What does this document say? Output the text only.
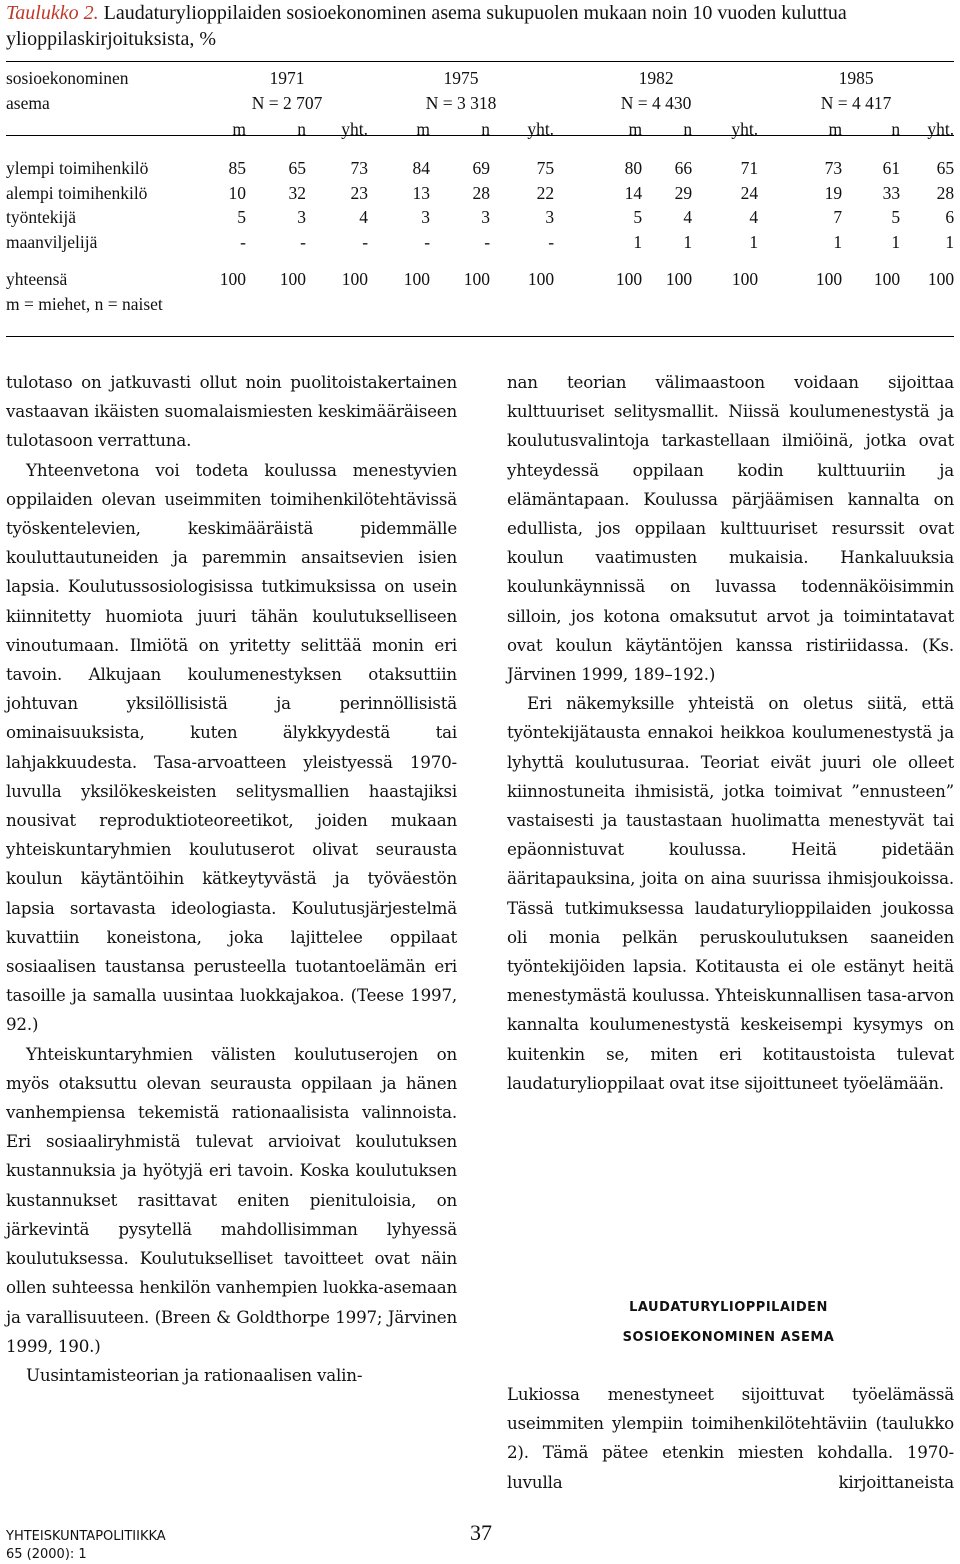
Taulukko 2. Laudaturylioppilaiden sosioekonominen asema sukupuolen mukaan noin 10 vuoden kuluttua ylioppilaskirjoituksista, %
sosioekonominen	1971			1975			1982			1985		
asema	N = 2 707			N = 3 318			N = 4 430			N = 4 417		
	m	n	yht.	m	n	yht.	m	n	yht.	m	n	yht.

ylempi toimihenkilö	85	65	73	84	69	75	80	66	71	73	61	65
alempi toimihenkilö	10	32	23	13	28	22	14	29	24	19	33	28
työntekijä	5	3	4	3	3	3	5	4	4	7	5	6
maanviljelijä	-	-	-	-	-	-	1	1	1	1	1	1

yhteensä	100	100	100	100	100	100	100	100	100	100	100	100
m = miehet, n = naiset												

tulotaso on jatkuvasti ollut noin puolitoistakertainen vastaavan ikäisten suomalaismiesten keskimääräiseen tulotasoon verrattuna.

Yhteenvetona voi todeta koulussa menestyvien oppilaiden olevan useimmiten toimihenkilötehtävissä työskentelevien, keskimääräistä pidemmälle kouluttautuneiden ja paremmin ansaitsevien isien lapsia. Koulutussosiologisissa tutkimuksissa on usein kiinnitetty huomiota juuri tähän koulutukselliseen vinoutumaan. Ilmiötä on yritetty selittää monin eri tavoin. Alkujaan koulumenestyksen otaksuttiin johtuvan yksilöllisistä ja perinnöllisistä ominaisuuksista, kuten älykkyydestä tai lahjakkuudesta. Tasa-arvoatteen yleistyessä 1970-luvulla yksilökeskeisten selitysmallien haastajiksi nousivat reproduktioteoreetikot, joiden mukaan yhteiskuntaryhmien koulutuserot olivat seurausta koulun käytäntöihin kätkeytyvästä ja työväestön lapsia sortavasta ideologiasta. Koulutusjärjestelmä kuvattiin koneistona, joka lajittelee oppilaat sosiaalisen taustansa perusteella tuotantoelämän eri tasoille ja samalla uusintaa luokkajakoa. (Teese 1997, 92.)

Yhteiskuntaryhmien välisten koulutuserojen on myös otaksuttu olevan seurausta oppilaan ja hänen vanhempiensa tekemistä rationaalisista valinnoista. Eri sosiaaliryhmistä tulevat arvioivat koulutuksen kustannuksia ja hyötyjä eri tavoin. Koska koulutuksen kustannukset rasittavat eniten pienituloisia, on järkevintä pysytellä mahdollisimman lyhyessä koulutuksessa. Koulutukselliset tavoitteet ovat näin ollen suhteessa henkilön vanhempien luokka-asemaan ja varallisuuteen. (Breen & Goldthorpe 1997; Järvinen 1999, 190.)

Uusintamisteorian ja rationaalisen valin-

nan teorian välimaastoon voidaan sijoittaa kulttuuriset selitysmallit. Niissä koulumenestystä ja koulutusvalintoja tarkastellaan ilmiöinä, jotka ovat yhteydessä oppilaan kodin kulttuuriin ja elämäntapaan. Koulussa pärjäämisen kannalta on edullista, jos oppilaan kulttuuriset resurssit ovat koulun vaatimusten mukaisia. Hankaluuksia koulunkäynnissä on luvassa todennäköisimmin silloin, jos kotona omaksutut arvot ja toimintatavat ovat koulun käytäntöjen kanssa ristiriidassa. (Ks. Järvinen 1999, 189–192.)

Eri näkemyksille yhteistä on oletus siitä, että työntekijätausta ennakoi heikkoa koulumenestystä ja lyhyttä koulutusuraa. Teoriat eivät juuri ole olleet kiinnostuneita ihmisistä, jotka toimivat ”ennusteen” vastaisesti ja taustastaan huolimatta menestyvät tai epäonnistuvat koulussa. Heitä pidetään ääritapauksina, joita on aina suurissa ihmisjoukoissa. Tässä tutkimuksessa laudaturylioppilaiden joukossa oli monia pelkän peruskoulutuksen saaneiden työntekijöiden lapsia. Kotitausta ei ole estänyt heitä menestymästä koulussa. Yhteiskunnallisen tasa-arvon kannalta koulumenestystä keskeisempi kysymys on kuitenkin se, miten eri kotitaustoista tulevat laudaturylioppilaat ovat itse sijoittuneet työelämään.

LAUDATURYLIOPPILAIDEN
SOSIOEKONOMINEN ASEMA

Lukiossa menestyneet sijoittuvat työelämässä useimmiten ylempiin toimihenkilötehtäviin (taulukko 2). Tämä pätee etenkin miesten kohdalla. 1970-luvulla kirjoittaneista

YHTEISKUNTAPOLITIIKKA
65 (2000): 1
37
